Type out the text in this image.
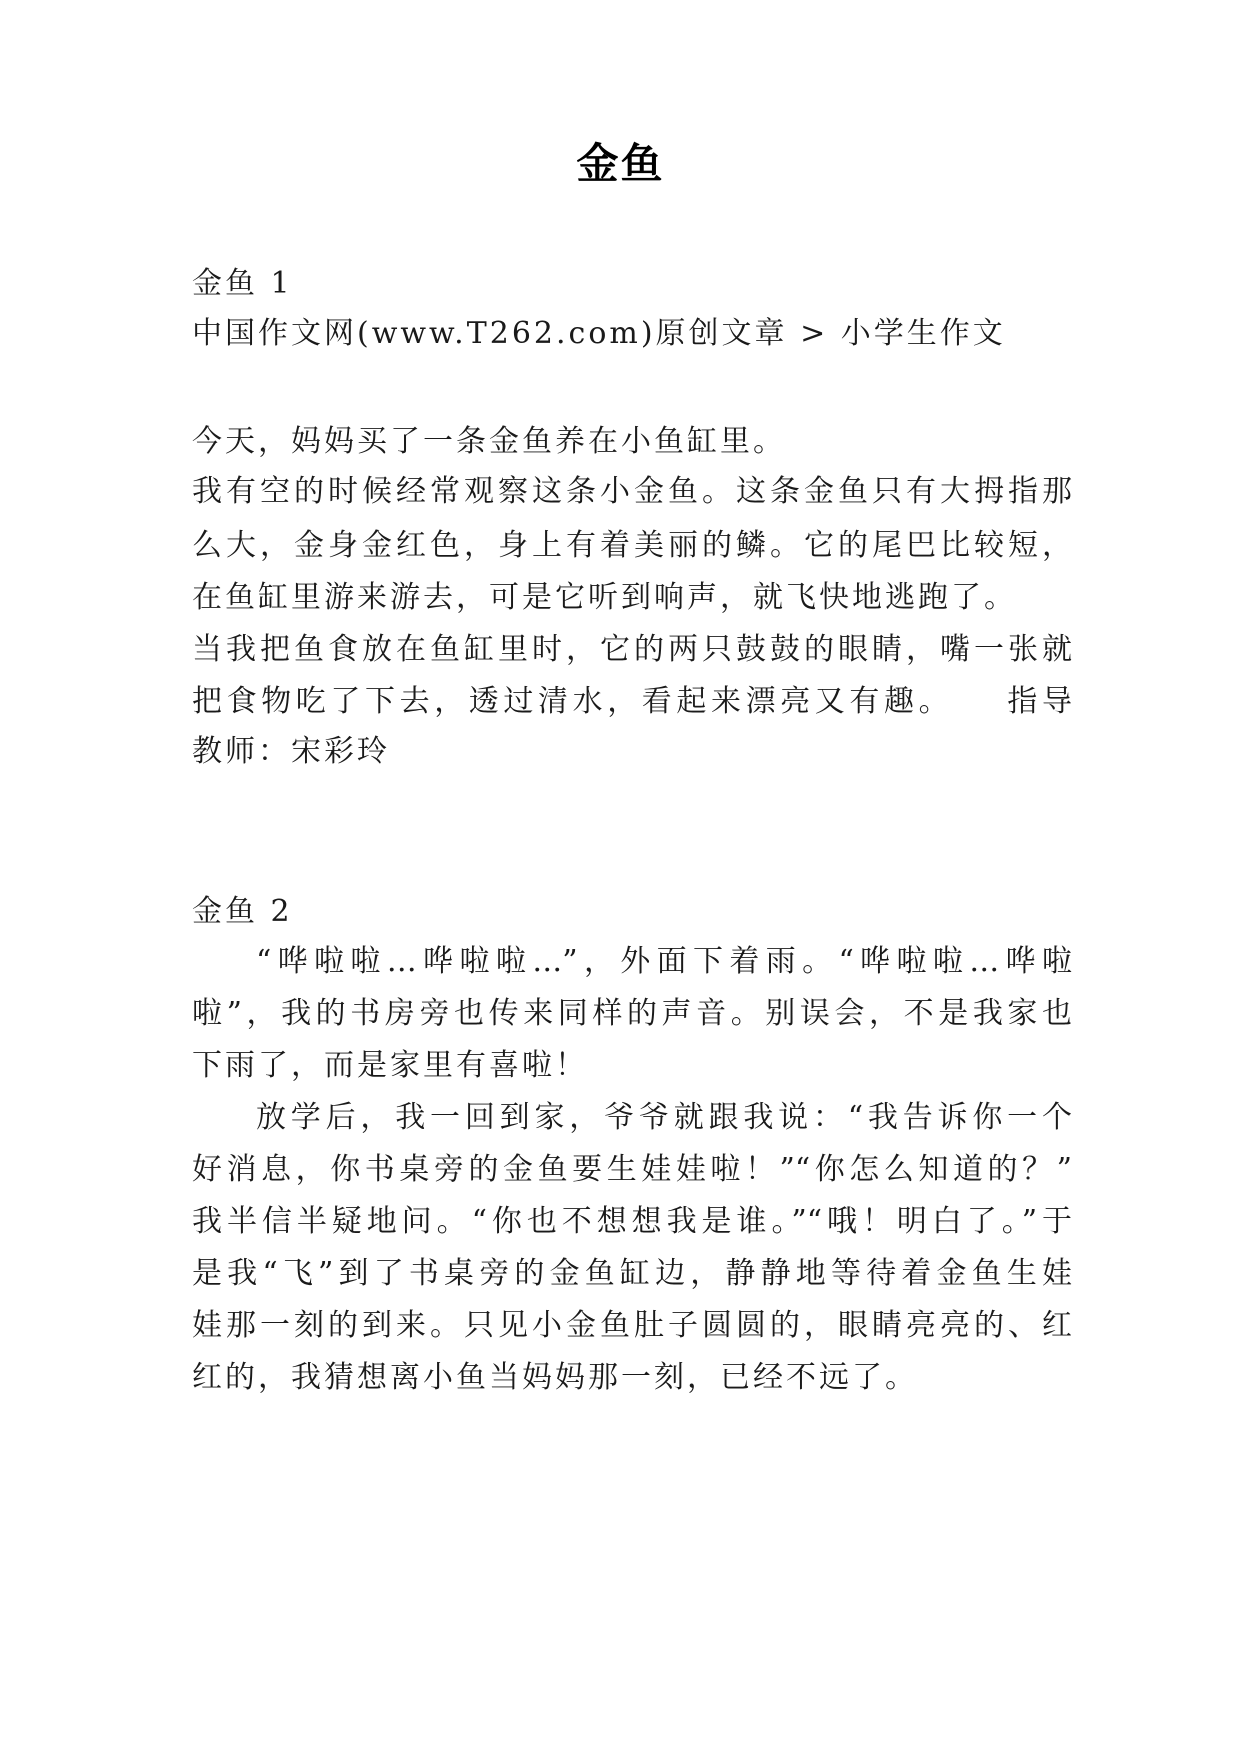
金鱼
金鱼 1
中国作文网(www.T262.com)原创文章 > 小学生作文
今天，妈妈买了一条金鱼养在小鱼缸里。
我有空的时候经常观察这条小金鱼。这条金鱼只有大拇指那
么大，金身金红色，身上有着美丽的鳞。它的尾巴比较短，
在鱼缸里游来游去，可是它听到响声，就飞快地逃跑了。
当我把鱼食放在鱼缸里时，它的两只鼓鼓的眼睛，嘴一张就
把食物吃了下去，透过清水，看起来漂亮又有趣。　　指导
教师：宋彩玲
金鱼 2
“哗啦啦…哗啦啦…”，外面下着雨。“哗啦啦…哗啦
啦”，我的书房旁也传来同样的声音。别误会，不是我家也
下雨了，而是家里有喜啦！
放学后，我一回到家，爷爷就跟我说：“我告诉你一个
好消息，你书桌旁的金鱼要生娃娃啦！”“你怎么知道的？”
我半信半疑地问。“你也不想想我是谁。”“哦！明白了。”于
是我“飞”到了书桌旁的金鱼缸边，静静地等待着金鱼生娃
娃那一刻的到来。只见小金鱼肚子圆圆的，眼睛亮亮的、红
红的，我猜想离小鱼当妈妈那一刻，已经不远了。
